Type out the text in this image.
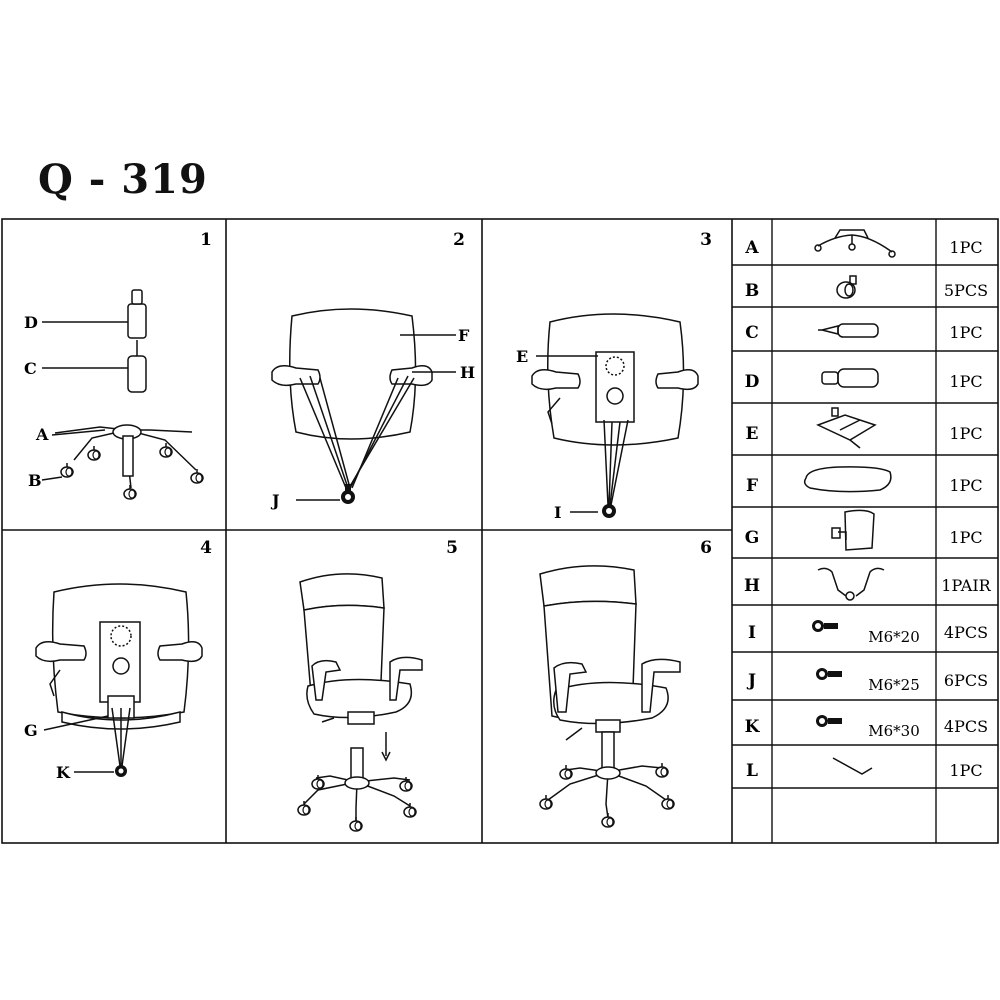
Q - 319
A	1PC
B	5PCS
C	1PC
D	1PC
E	1PC
F	1PC
G	1PC
H	1PAIR
I	M6*20 4PCS
J	M6*25 6PCS
K	M6*30 4PCS
L	1PC
1	2	3
4	5	6
D
C
A
B
F
H
J
E
I
G
K
